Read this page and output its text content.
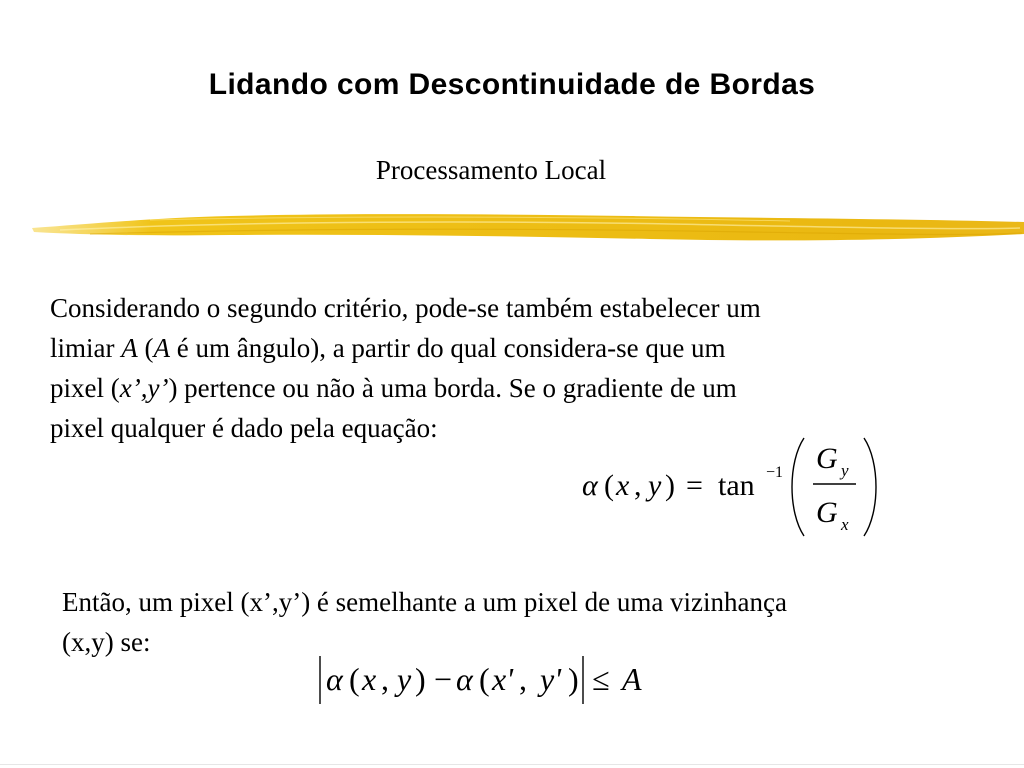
Lidando com Descontinuidade de Bordas
Processamento Local
Considerando o segundo critério, pode-se também estabelecer um
limiar A (A é um ângulo), a partir do qual considera-se que um
pixel (x’,y’) pertence ou não à uma borda. Se o gradiente de um
pixel qualquer é dado pela equação:
α ( x , y ) = tan −1 G y
G x
Então, um pixel (x’,y’) é semelhante a um pixel de uma vizinhança
(x,y) se:
α ( x , y ) − α ( x' , y' ) ≤ A
